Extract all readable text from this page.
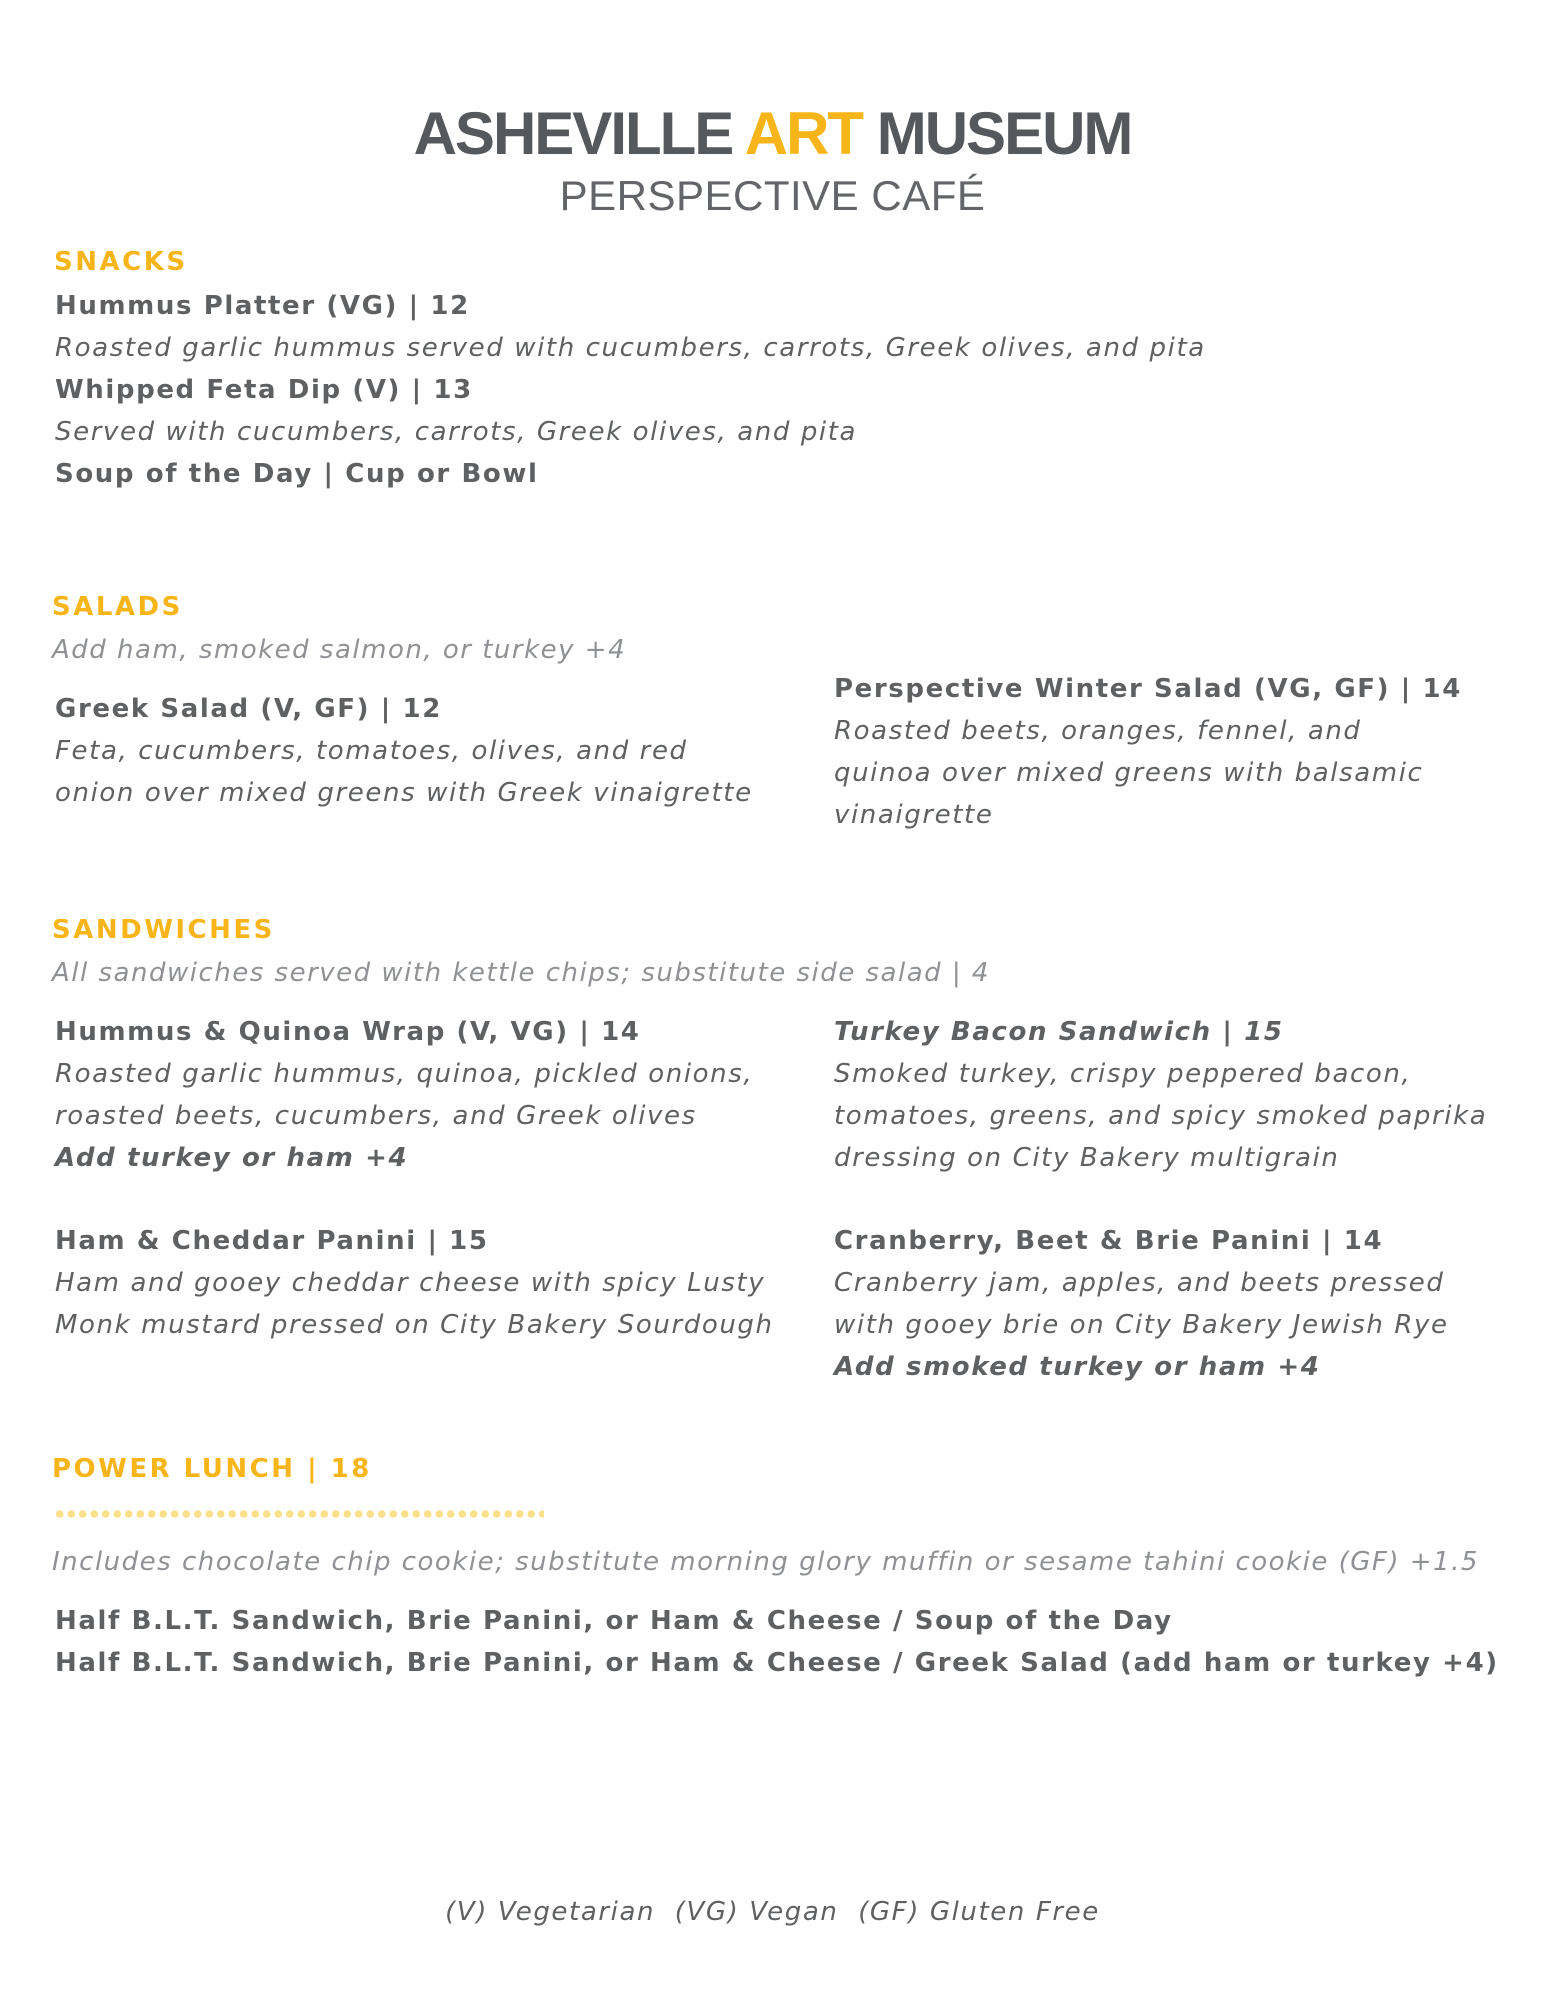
ASHEVILLE ART MUSEUM
PERSPECTIVE CAFÉ
SNACKS
Hummus Platter (VG) | 12
Roasted garlic hummus served with cucumbers, carrots, Greek olives, and pita
Whipped Feta Dip (V) | 13
Served with cucumbers, carrots, Greek olives, and pita
Soup of the Day | Cup or Bowl
SALADS
Add ham, smoked salmon, or turkey +4
Greek Salad (V, GF) | 12
Feta, cucumbers, tomatoes, olives, and red onion over mixed greens with Greek vinaigrette
Perspective Winter Salad (VG, GF) | 14
Roasted beets, oranges, fennel, and quinoa over mixed greens with balsamic vinaigrette
SANDWICHES
All sandwiches served with kettle chips; substitute side salad | 4
Hummus & Quinoa Wrap (V, VG) | 14
Roasted garlic hummus, quinoa, pickled onions, roasted beets, cucumbers, and Greek olives
Add turkey or ham +4
Turkey Bacon Sandwich | 15
Smoked turkey, crispy peppered bacon, tomatoes, greens, and spicy smoked paprika dressing on City Bakery multigrain
Ham & Cheddar Panini | 15
Ham and gooey cheddar cheese with spicy Lusty Monk mustard pressed on City Bakery Sourdough
Cranberry, Beet & Brie Panini | 14
Cranberry jam, apples, and beets pressed with gooey brie on City Bakery Jewish Rye
Add smoked turkey or ham +4
POWER LUNCH | 18
Includes chocolate chip cookie; substitute morning glory muffin or sesame tahini cookie (GF) +1.5
Half B.L.T. Sandwich, Brie Panini, or Ham & Cheese / Soup of the Day
Half B.L.T. Sandwich, Brie Panini, or Ham & Cheese / Greek Salad (add ham or turkey +4)
(V) Vegetarian  (VG) Vegan  (GF) Gluten Free
